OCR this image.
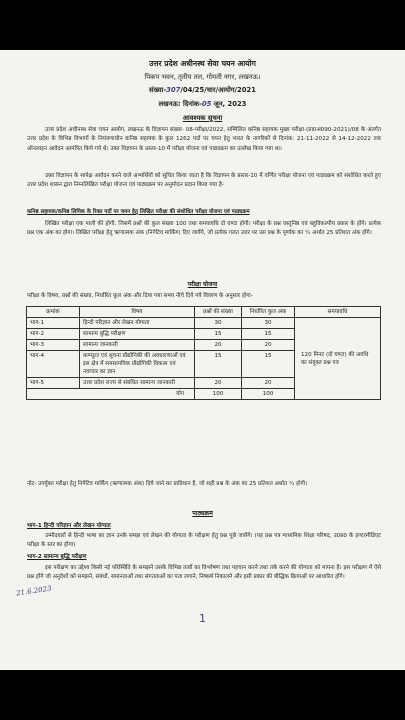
उत्तर प्रदेश अधीनस्थ सेवा चयन आयोग
पिकप भवन, तृतीय तल, गोमती नगर, लखनऊ।
संख्या-307/04/25/चार/आयोग/2021
लखनऊ: दिनांक-05 जून, 2023
आवश्यक सूचना
उत्तर प्रदेश अधीनस्थ सेवा चयन आयोग, लखनऊ के विज्ञापन संख्या- 08-परीक्षा/2022, सम्मिलित कनिष्ठ सहायक मुख्य परीक्षा-(प्रा0अ090-2021)/08 के अंतर्गत उत्तर प्रदेश के विभिन्न विभागों के नियंत्रणाधीन कनिष्ठ सहायक के कुल 1262 पदों पर चयन हेतु भारत के नागरिकों से दिनांक: 21-11-2022 से 14-12-2022 तक ऑनलाइन आवेदन आमंत्रित किये गये थे। उक्त विज्ञापन के प्रस्तर-10 में परीक्षा योजना एवं पाठ्यक्रम का उल्लेख किया गया था।
उक्त विज्ञापन के सापेक्ष आवेदन करने वाले अभ्यर्थियों को सूचित किया जाता है कि विज्ञापन के प्रस्तर-10 में वर्णित परीक्षा योजना एवं पाठ्यक्रम को संशोधित करते हुए उत्तर प्रदेश शासन द्वारा निम्नलिखित परीक्षा योजना एवं पाठ्यक्रम पर अनुमोदन प्रदान किया गया है-
कनिष्ठ सहायक/कनिष्ठ लिपिक के रिक्त पदों पर चयन हेतु लिखित परीक्षा की संशोधित परीक्षा योजना एवं पाठ्यक्रम
लिखित परीक्षा एक पाली की होगी, जिसमें प्रश्नों की कुल संख्या 100 तथा समयावधि दो घण्टा होगी। परीक्षा के प्रश्न वस्तुनिष्ठ एवं बहुविकल्पीय प्रकार के होंगे। प्रत्येक प्रश्न एक अंक का होगा। लिखित परीक्षा हेतु ऋणात्मक अंक (निगेटिव मार्किंग) दिए जायेंगे, जो प्रत्येक गलत उत्तर पर उस प्रश्न के पूर्णांक का ¼ अर्थात 25 प्रतिशत अंक होंगे।
परीक्षा योजना
परीक्षा के विषय, प्रश्नों की संख्या, निर्धारित कुल अंक और दिया गया समय नीचे दिये गये विवरण के अनुसार होगा-
क्रमांक	विषय	प्रश्नों की संख्या	निर्धारित कुल अंक	समयावधि
भाग-1	हिन्दी परिज्ञान और लेखन योग्यता	30	30	120 मिनट (दो घण्टा) की अवधि का संयुक्त प्रश्न पत्र
भाग-2	सामान्य बुद्धि परीक्षण	15	15	
भाग-3	सामान्य जानकारी	20	20	
भाग-4	कम्प्यूटर एवं सूचना प्रौद्योगिकी की अवधारणाओं एवं इस क्षेत्र में समसामयिक प्रौद्योगिकी विकास एवं नवाचार का ज्ञान	15	15	
भाग-5	उत्तर प्रदेश राज्य से संबंधित सामान्य जानकारी	20	20	
योग		100	100	
नोट- उपर्युक्त परीक्षा हेतु निगेटिव मार्किंग (ऋणात्मक अंक) दिये जाने का प्राविधान है, जो सही प्रश्न के अंक का 25 प्रतिशत अर्थात ¼ होगी।
पाठ्यक्रम
भाग-1 हिन्दी परिज्ञान और लेखन योग्यता
उम्मीदवारों से हिन्दी भाषा का ज्ञान उनके समझ एवं लेखन की योग्यता के परीक्षण हेतु प्रश्न पूछे जायेंगे। (यह प्रश्न पत्र माध्यमिक शिक्षा परिषद, उ0प्र0 के इण्टरमीडिएट परीक्षा के स्तर का होगा)
भाग-2 सामान्य बुद्धि परीक्षण
इस परीक्षण का उद्देश्य किसी नई परिस्थिति के समझने उसके विभिन्न तत्वों का विश्लेषण तथा पहचान करने तथा तर्क करने की योग्यता को मापना है। इस परीक्षण में ऐसे प्रश्न होंगे जो अनुदेशों को समझने, संबंधों, समानताओं तथा संगतताओं का पता लगाने, निष्कर्ष निकालने और इसी प्रकार की बौद्धिक क्रियाओं पर आधारित होंगे।
21.6.2023
1
